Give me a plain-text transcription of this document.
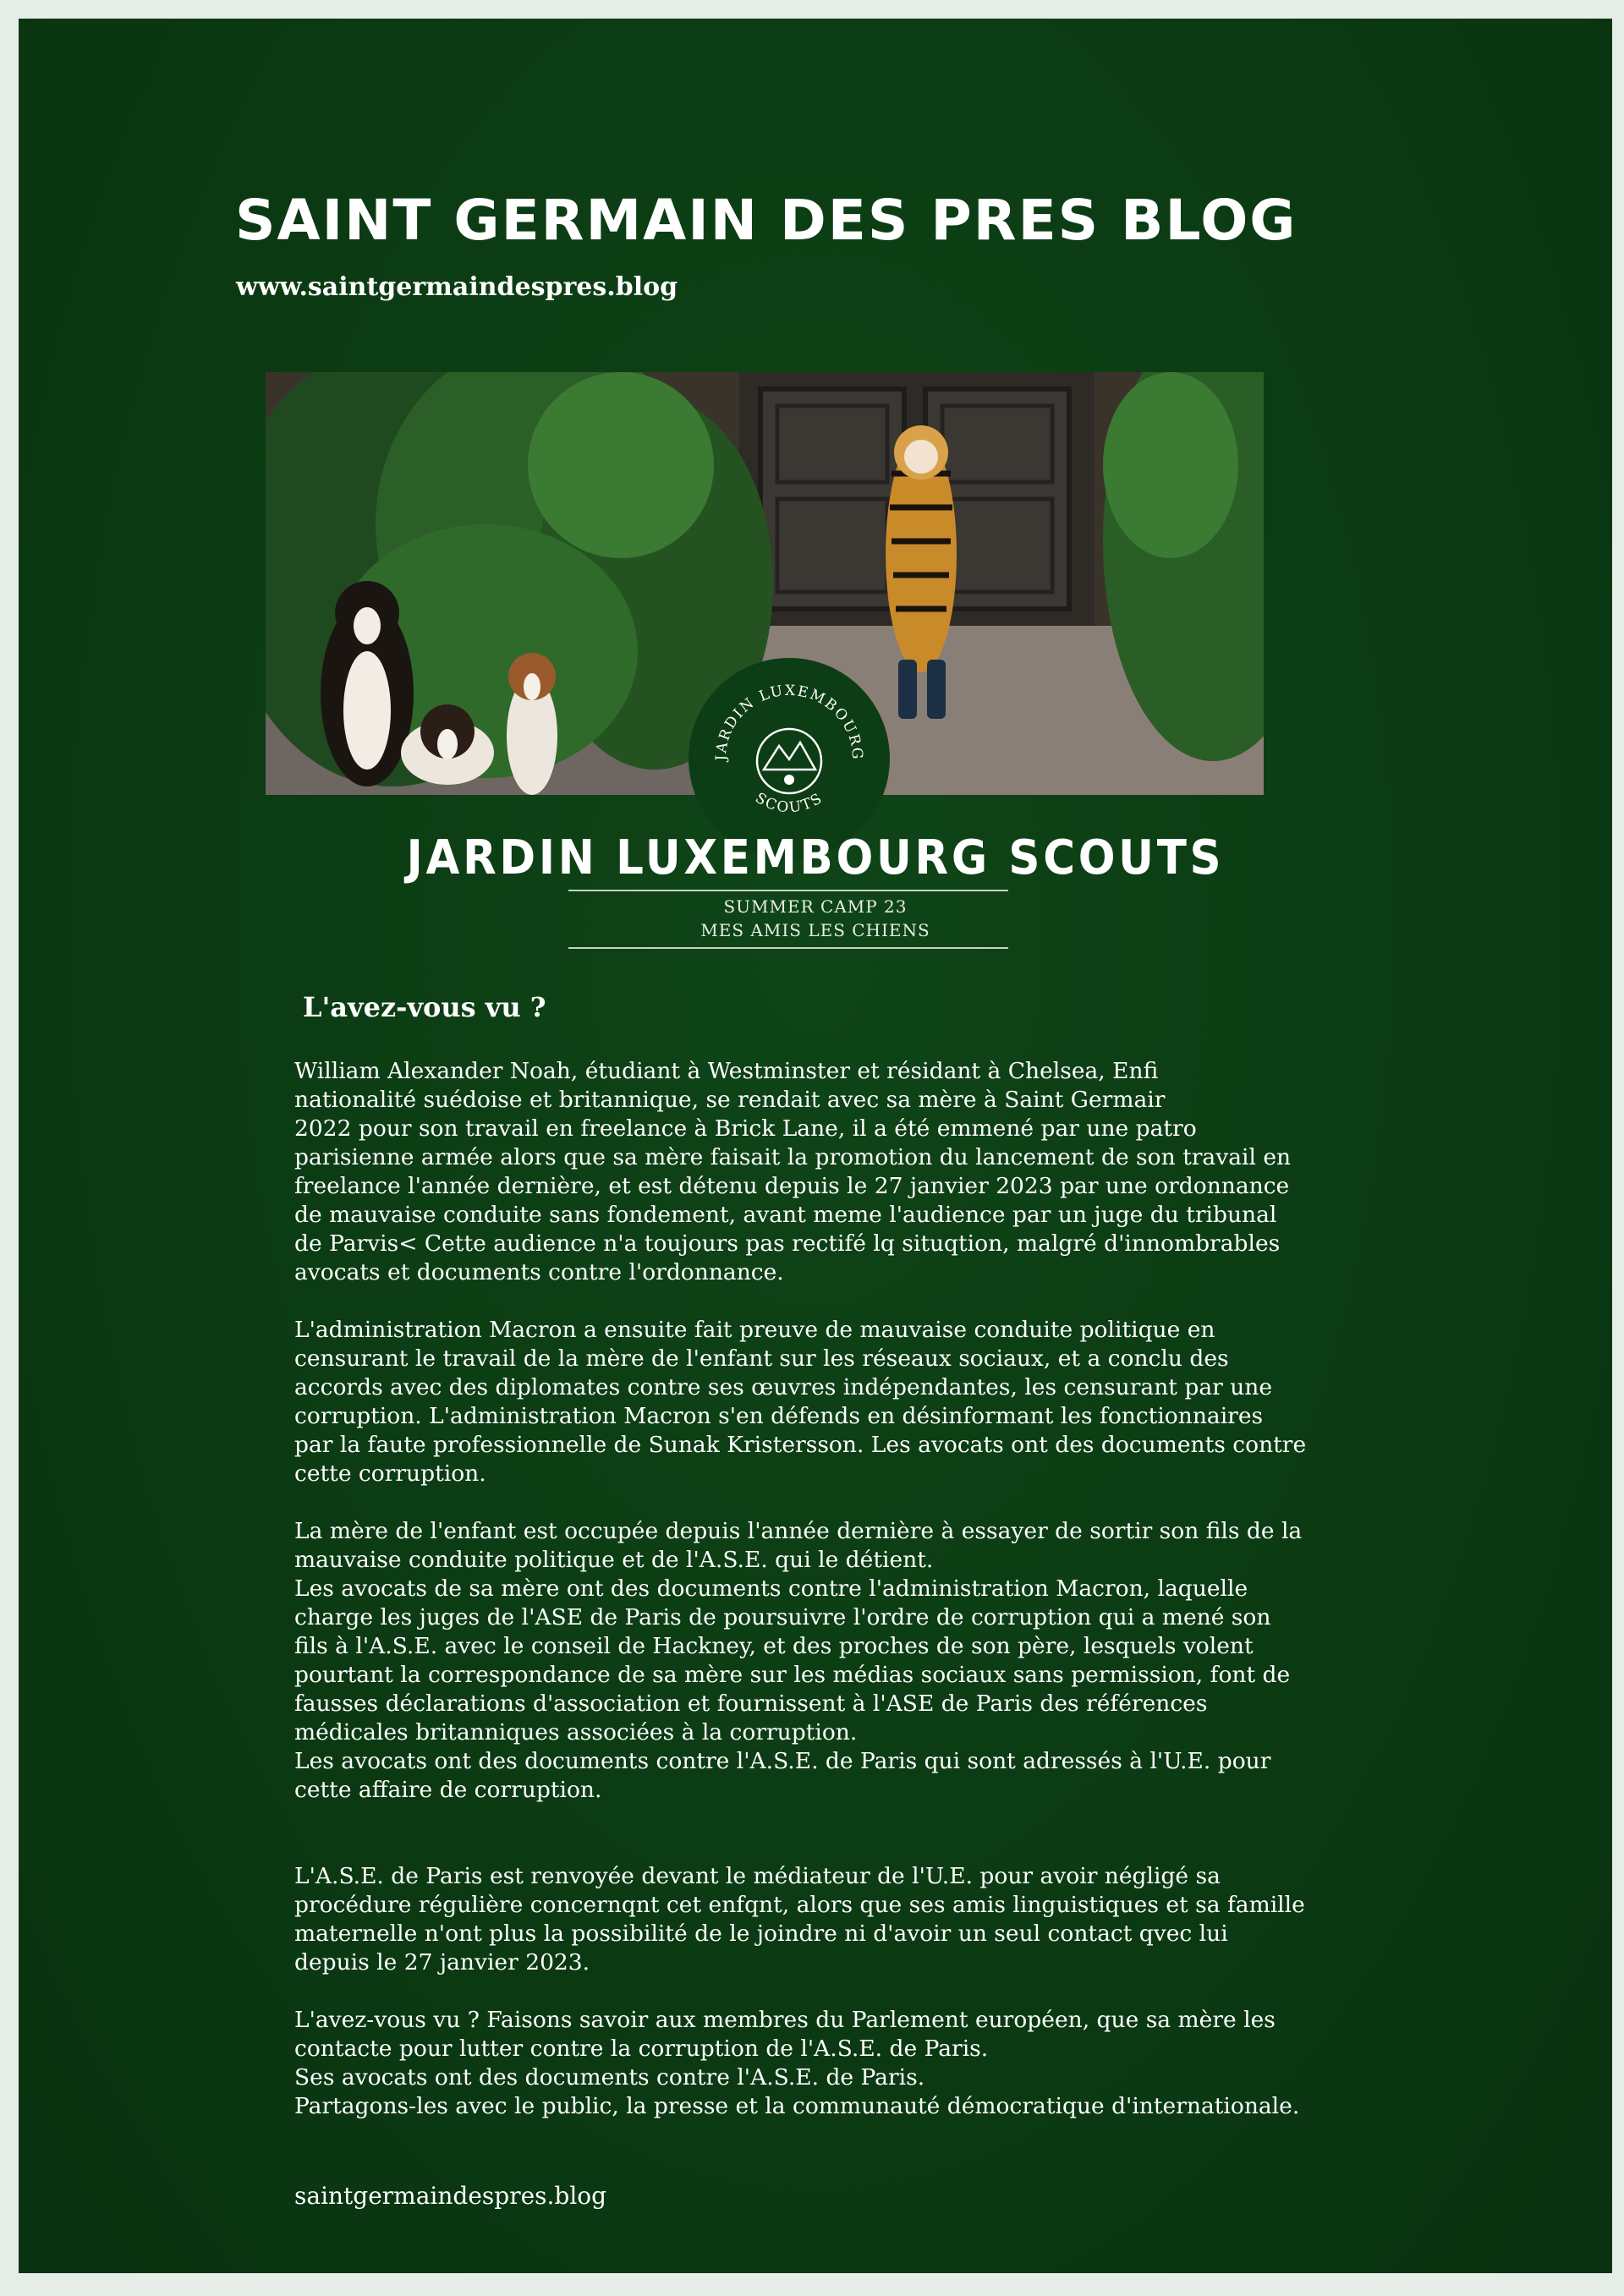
SAINT GERMAIN DES PRES BLOG
www.saintgermaindespres.blog
JARDIN LUXEMBOURG
SCOUTS
JARDIN LUXEMBOURG SCOUTS
SUMMER CAMP 23
MES AMIS LES CHIENS
L'avez-vous vu ?
William Alexander Noah, étudiant à Westminster et résidant à Chelsea, Enfi
nationalité suédoise et britannique, se rendait avec sa mère à Saint Germair
2022 pour son travail en freelance à Brick Lane, il a été emmené par une patro
parisienne armée alors que sa mère faisait la promotion du lancement de son travail en
freelance l'année dernière, et est détenu depuis le 27 janvier 2023 par une ordonnance
de mauvaise conduite sans fondement, avant meme l'audience par un juge du tribunal
de Parvis< Cette audience n'a toujours pas rectifé lq situqtion, malgré d'innombrables
avocats et documents contre l'ordonnance.
L'administration Macron a ensuite fait preuve de mauvaise conduite politique en
censurant le travail de la mère de l'enfant sur les réseaux sociaux, et a conclu des
accords avec des diplomates contre ses œuvres indépendantes, les censurant par une
corruption. L'administration Macron s'en défends en désinformant les fonctionnaires
par la faute professionnelle de Sunak Kristersson. Les avocats ont des documents contre
cette corruption.
La mère de l'enfant est occupée depuis l'année dernière à essayer de sortir son fils de la
mauvaise conduite politique et de l'A.S.E. qui le détient.
Les avocats de sa mère ont des documents contre l'administration Macron, laquelle
charge les juges de l'ASE de Paris de poursuivre l'ordre de corruption qui a mené son
fils à l'A.S.E. avec le conseil de Hackney, et des proches de son père, lesquels volent
pourtant la correspondance de sa mère sur les médias sociaux sans permission, font de
fausses déclarations d'association et fournissent à l'ASE de Paris des références
médicales britanniques associées à la corruption.
Les avocats ont des documents contre l'A.S.E. de Paris qui sont adressés à l'U.E. pour
cette affaire de corruption.
L'A.S.E. de Paris est renvoyée devant le médiateur de l'U.E. pour avoir négligé sa
procédure régulière concernqnt cet enfqnt, alors que ses amis linguistiques et sa famille
maternelle n'ont plus la possibilité de le joindre ni d'avoir un seul contact qvec lui
depuis le 27 janvier 2023.
L'avez-vous vu ? Faisons savoir aux membres du Parlement européen, que sa mère les
contacte pour lutter contre la corruption de l'A.S.E. de Paris.
Ses avocats ont des documents contre l'A.S.E. de Paris.
Partagons-les avec le public, la presse et la communauté démocratique d'internationale.
saintgermaindespres.blog
